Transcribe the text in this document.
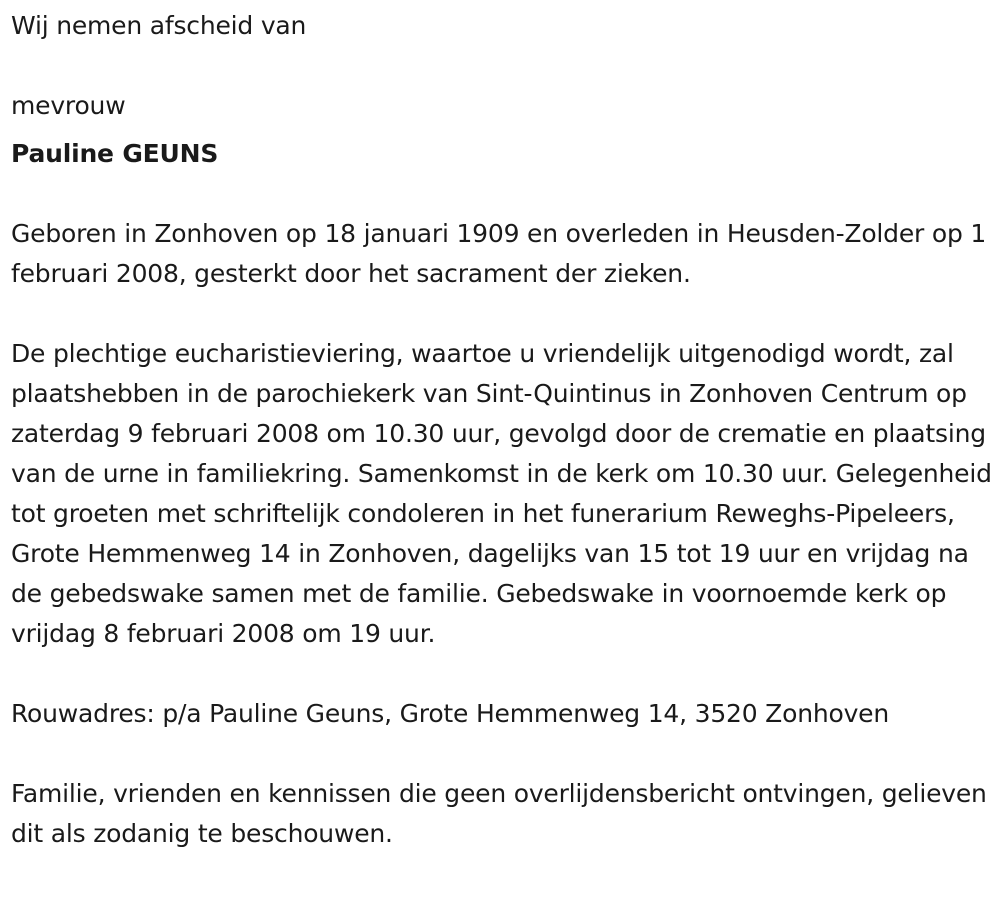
Wij nemen afscheid van

mevrouw

Pauline GEUNS

Geboren in Zonhoven op 18 januari 1909 en overleden in Heusden-Zolder op 1 februari 2008, gesterkt door het sacrament der zieken.

De plechtige eucharistieviering, waartoe u vriendelijk uitgenodigd wordt, zal plaatshebben in de parochiekerk van Sint-Quintinus in Zonhoven Centrum op zaterdag 9 februari 2008 om 10.30 uur, gevolgd door de crematie en plaatsing van de urne in familiekring. Samenkomst in de kerk om 10.30 uur. Gelegenheid tot groeten met schriftelijk condoleren in het funerarium Reweghs-Pipeleers, Grote Hemmenweg 14 in Zonhoven, dagelijks van 15 tot 19 uur en vrijdag na de gebedswake samen met de familie. Gebedswake in voornoemde kerk op vrijdag 8 februari 2008 om 19 uur.

Rouwadres: p/a Pauline Geuns, Grote Hemmenweg 14, 3520 Zonhoven

Familie, vrienden en kennissen die geen overlijdensbericht ontvingen, gelieven dit als zodanig te beschouwen.
